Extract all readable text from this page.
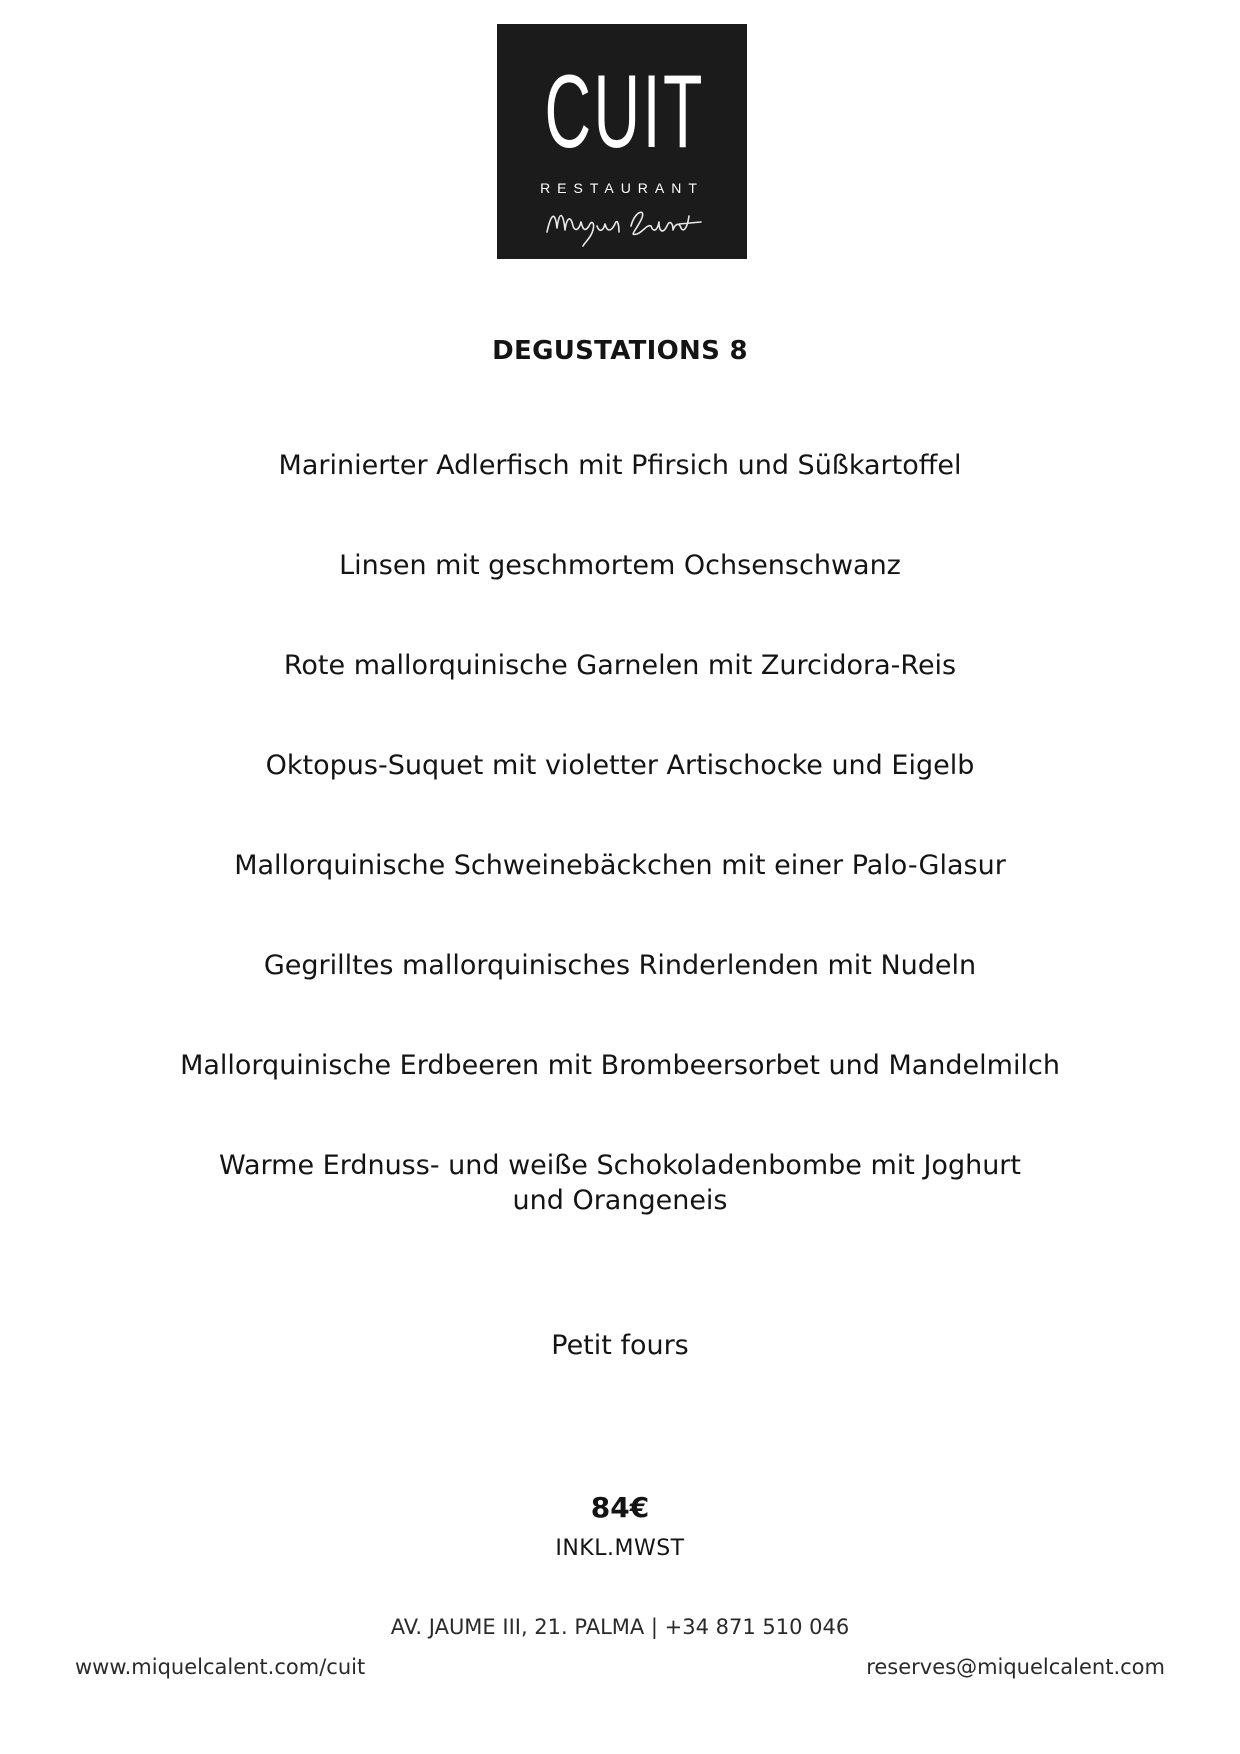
CUIT
RESTAURANT
DEGUSTATIONS 8
Marinierter Adlerfisch mit Pfirsich und Süßkartoffel
Linsen mit geschmortem Ochsenschwanz
Rote mallorquinische Garnelen mit Zurcidora-Reis
Oktopus-Suquet mit violetter Artischocke und Eigelb
Mallorquinische Schweinebäckchen mit einer Palo-Glasur
Gegrilltes mallorquinisches Rinderlenden mit Nudeln
Mallorquinische Erdbeeren mit Brombeersorbet und Mandelmilch
Warme Erdnuss- und weiße Schokoladenbombe mit Joghurt
und Orangeneis
Petit fours
84€
INKL.MWST
AV. JAUME III, 21. PALMA | +34 871 510 046
www.miquelcalent.com/cuit	reserves@miquelcalent.com
